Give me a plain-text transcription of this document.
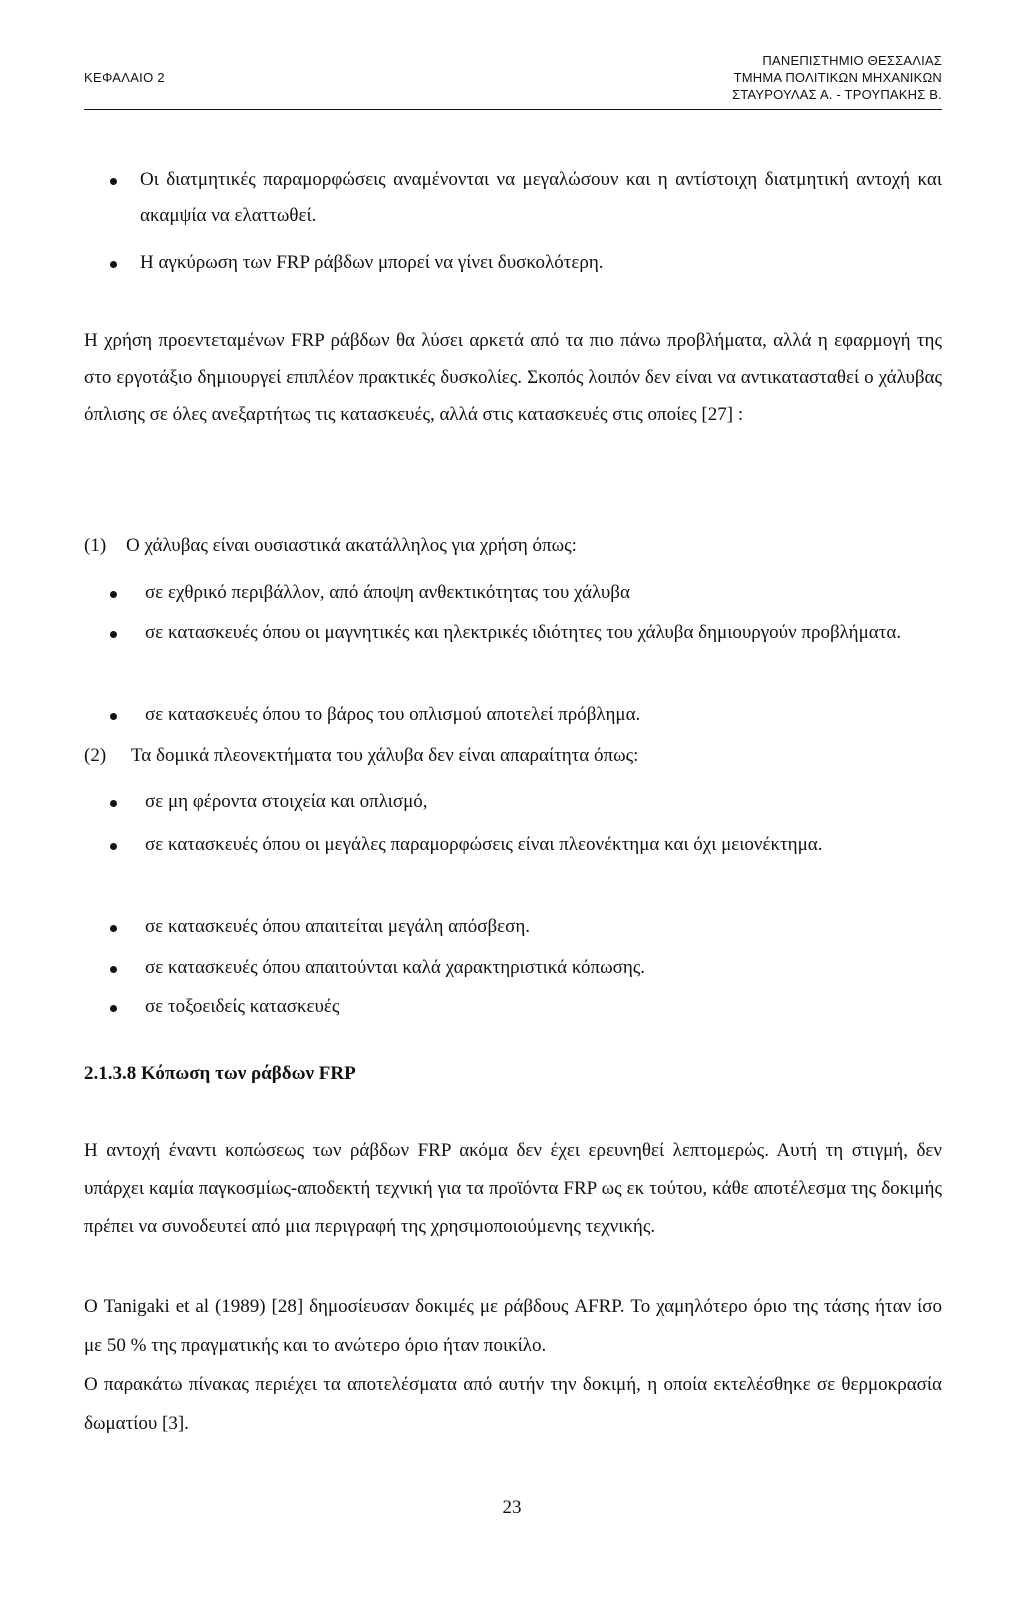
ΚΕΦΑΛΑΙΟ 2
ΠΑΝΕΠΙΣΤΗΜΙΟ ΘΕΣΣΑΛΙΑΣ
ΤΜΗΜΑ ΠΟΛΙΤΙΚΩΝ ΜΗΧΑΝΙΚΩΝ
ΣΤΑΥΡΟΥΛΑΣ Α. - ΤΡΟΥΠΑΚΗΣ Β.
Οι διατμητικές παραμορφώσεις αναμένονται να μεγαλώσουν και η αντίστοιχη διατμητική αντοχή και ακαμψία να ελαττωθεί.
Η αγκύρωση των FRP ράβδων μπορεί να γίνει δυσκολότερη.
Η χρήση προεντεταμένων FRP ράβδων θα λύσει αρκετά από τα πιο πάνω προβλήματα, αλλά η εφαρμογή της στο εργοτάξιο δημιουργεί επιπλέον πρακτικές δυσκολίες. Σκοπός λοιπόν δεν είναι να αντικατασταθεί ο χάλυβας όπλισης σε όλες ανεξαρτήτως τις κατασκευές, αλλά στις κατασκευές στις οποίες [27] :
(1) Ο χάλυβας είναι ουσιαστικά ακατάλληλος για χρήση όπως:
σε εχθρικό περιβάλλον, από άποψη ανθεκτικότητας του χάλυβα
σε κατασκευές όπου οι μαγνητικές και ηλεκτρικές ιδιότητες του χάλυβα δημιουργούν προβλήματα.
σε κατασκευές όπου το βάρος του οπλισμού αποτελεί πρόβλημα.
(2) Τα δομικά πλεονεκτήματα του χάλυβα δεν είναι απαραίτητα όπως:
σε μη φέροντα στοιχεία και οπλισμό,
σε κατασκευές όπου οι μεγάλες παραμορφώσεις είναι πλεονέκτημα και όχι μειονέκτημα.
σε κατασκευές όπου απαιτείται μεγάλη απόσβεση.
σε κατασκευές όπου απαιτούνται καλά χαρακτηριστικά κόπωσης.
σε τοξοειδείς κατασκευές
2.1.3.8 Κόπωση των ράβδων FRP
Η αντοχή έναντι κοπώσεως των ράβδων FRP ακόμα δεν έχει ερευνηθεί λεπτομερώς. Αυτή τη στιγμή, δεν υπάρχει καμία παγκοσμίως-αποδεκτή τεχνική για τα προϊόντα FRP ως εκ τούτου, κάθε αποτέλεσμα της δοκιμής πρέπει να συνοδευτεί από μια περιγραφή της χρησιμοποιούμενης τεχνικής.
Ο Tanigaki et al (1989) [28] δημοσίευσαν δοκιμές με ράβδους AFRP. Το χαμηλότερο όριο της τάσης ήταν ίσο με 50 % της πραγματικής και το ανώτερο όριο ήταν ποικίλο.
Ο παρακάτω πίνακας περιέχει τα αποτελέσματα από αυτήν την δοκιμή, η οποία εκτελέσθηκε σε θερμοκρασία δωματίου [3].
23
